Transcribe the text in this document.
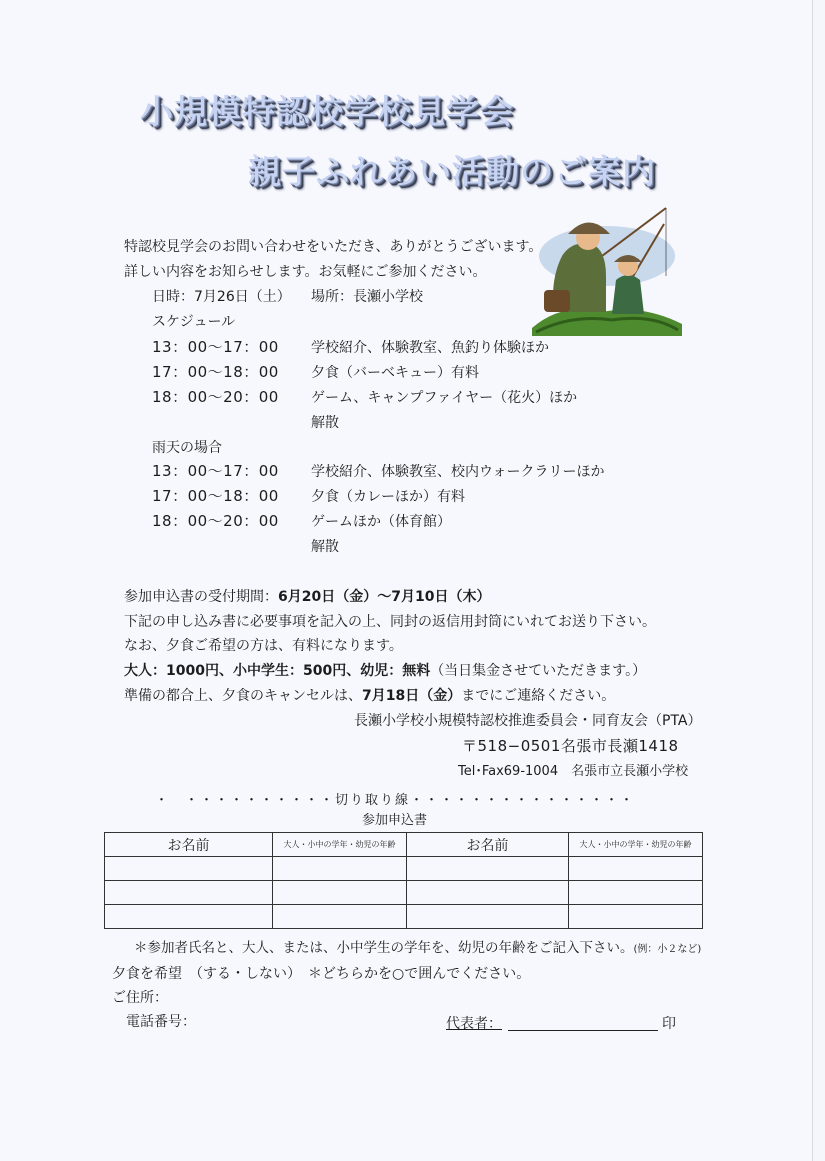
小規模特認校学校見学会
親子ふれあい活動のご案内
特認校見学会のお問い合わせをいただき、ありがとうございます。
詳しい内容をお知らせします。お気軽にご参加ください。
日時：7月26日（土） 場所：長瀬小学校
スケジュール
13：00〜17：00 学校紹介、体験教室、魚釣り体験ほか
17：00〜18：00 夕食（バーベキュー）有料
18：00〜20：00 ゲーム、キャンプファイヤー（花火）ほか
解散
雨天の場合
13：00〜17：00 学校紹介、体験教室、校内ウォークラリーほか
17：00〜18：00 夕食（カレーほか）有料
18：00〜20：00 ゲームほか（体育館）
解散
参加申込書の受付期間：6月20日（金）〜7月10日（木）
下記の申し込み書に必要事項を記入の上、同封の返信用封筒にいれてお送り下さい。
なお、夕食ご希望の方は、有料になります。
大人：1000円、小中学生：500円、幼児：無料（当日集金させていただきます。）
準備の都合上、夕食のキャンセルは、7月18日（金）までにご連絡ください。
長瀬小学校小規模特認校推進委員会・同育友会（PTA）
〒518−0501名張市長瀬1418
Tel･Fax69-1004　名張市立長瀬小学校
・　・・・・・・・・・・切り取り線・・・・・・・・・・・・・・・
参加申込書
お名前	大人・小中の学年・幼児の年齢	お名前	大人・小中の学年・幼児の年齢

＊参加者氏名と、大人、または、小中学生の学年を、幼児の年齢をご記入下さい。(例：小２など)
夕食を希望　（する・しない）　＊どちらかを○で囲んでください。
ご住所：
電話番号：	代表者：	印
